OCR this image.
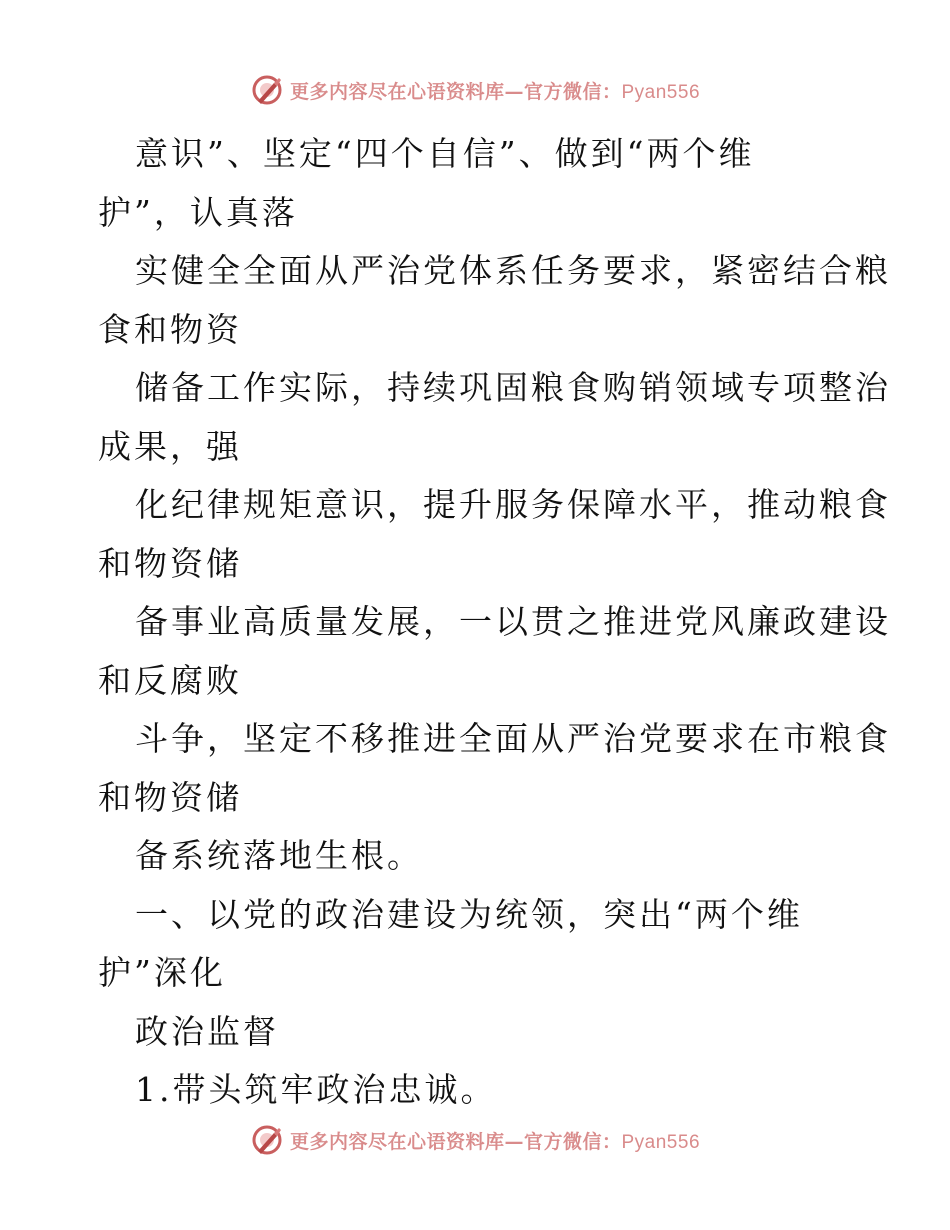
更多内容尽在心语资料库—官方微信：Pyan556
意识”、坚定“四个自信”、做到“两个维
护”，认真落
实健全全面从严治党体系任务要求，紧密结合粮
食和物资
储备工作实际，持续巩固粮食购销领域专项整治
成果，强
化纪律规矩意识，提升服务保障水平，推动粮食
和物资储
备事业高质量发展，一以贯之推进党风廉政建设
和反腐败
斗争，坚定不移推进全面从严治党要求在市粮食
和物资储
备系统落地生根。
一、以党的政治建设为统领，突出“两个维
护”深化
政治监督
1.带头筑牢政治忠诚。
更多内容尽在心语资料库—官方微信：Pyan556
